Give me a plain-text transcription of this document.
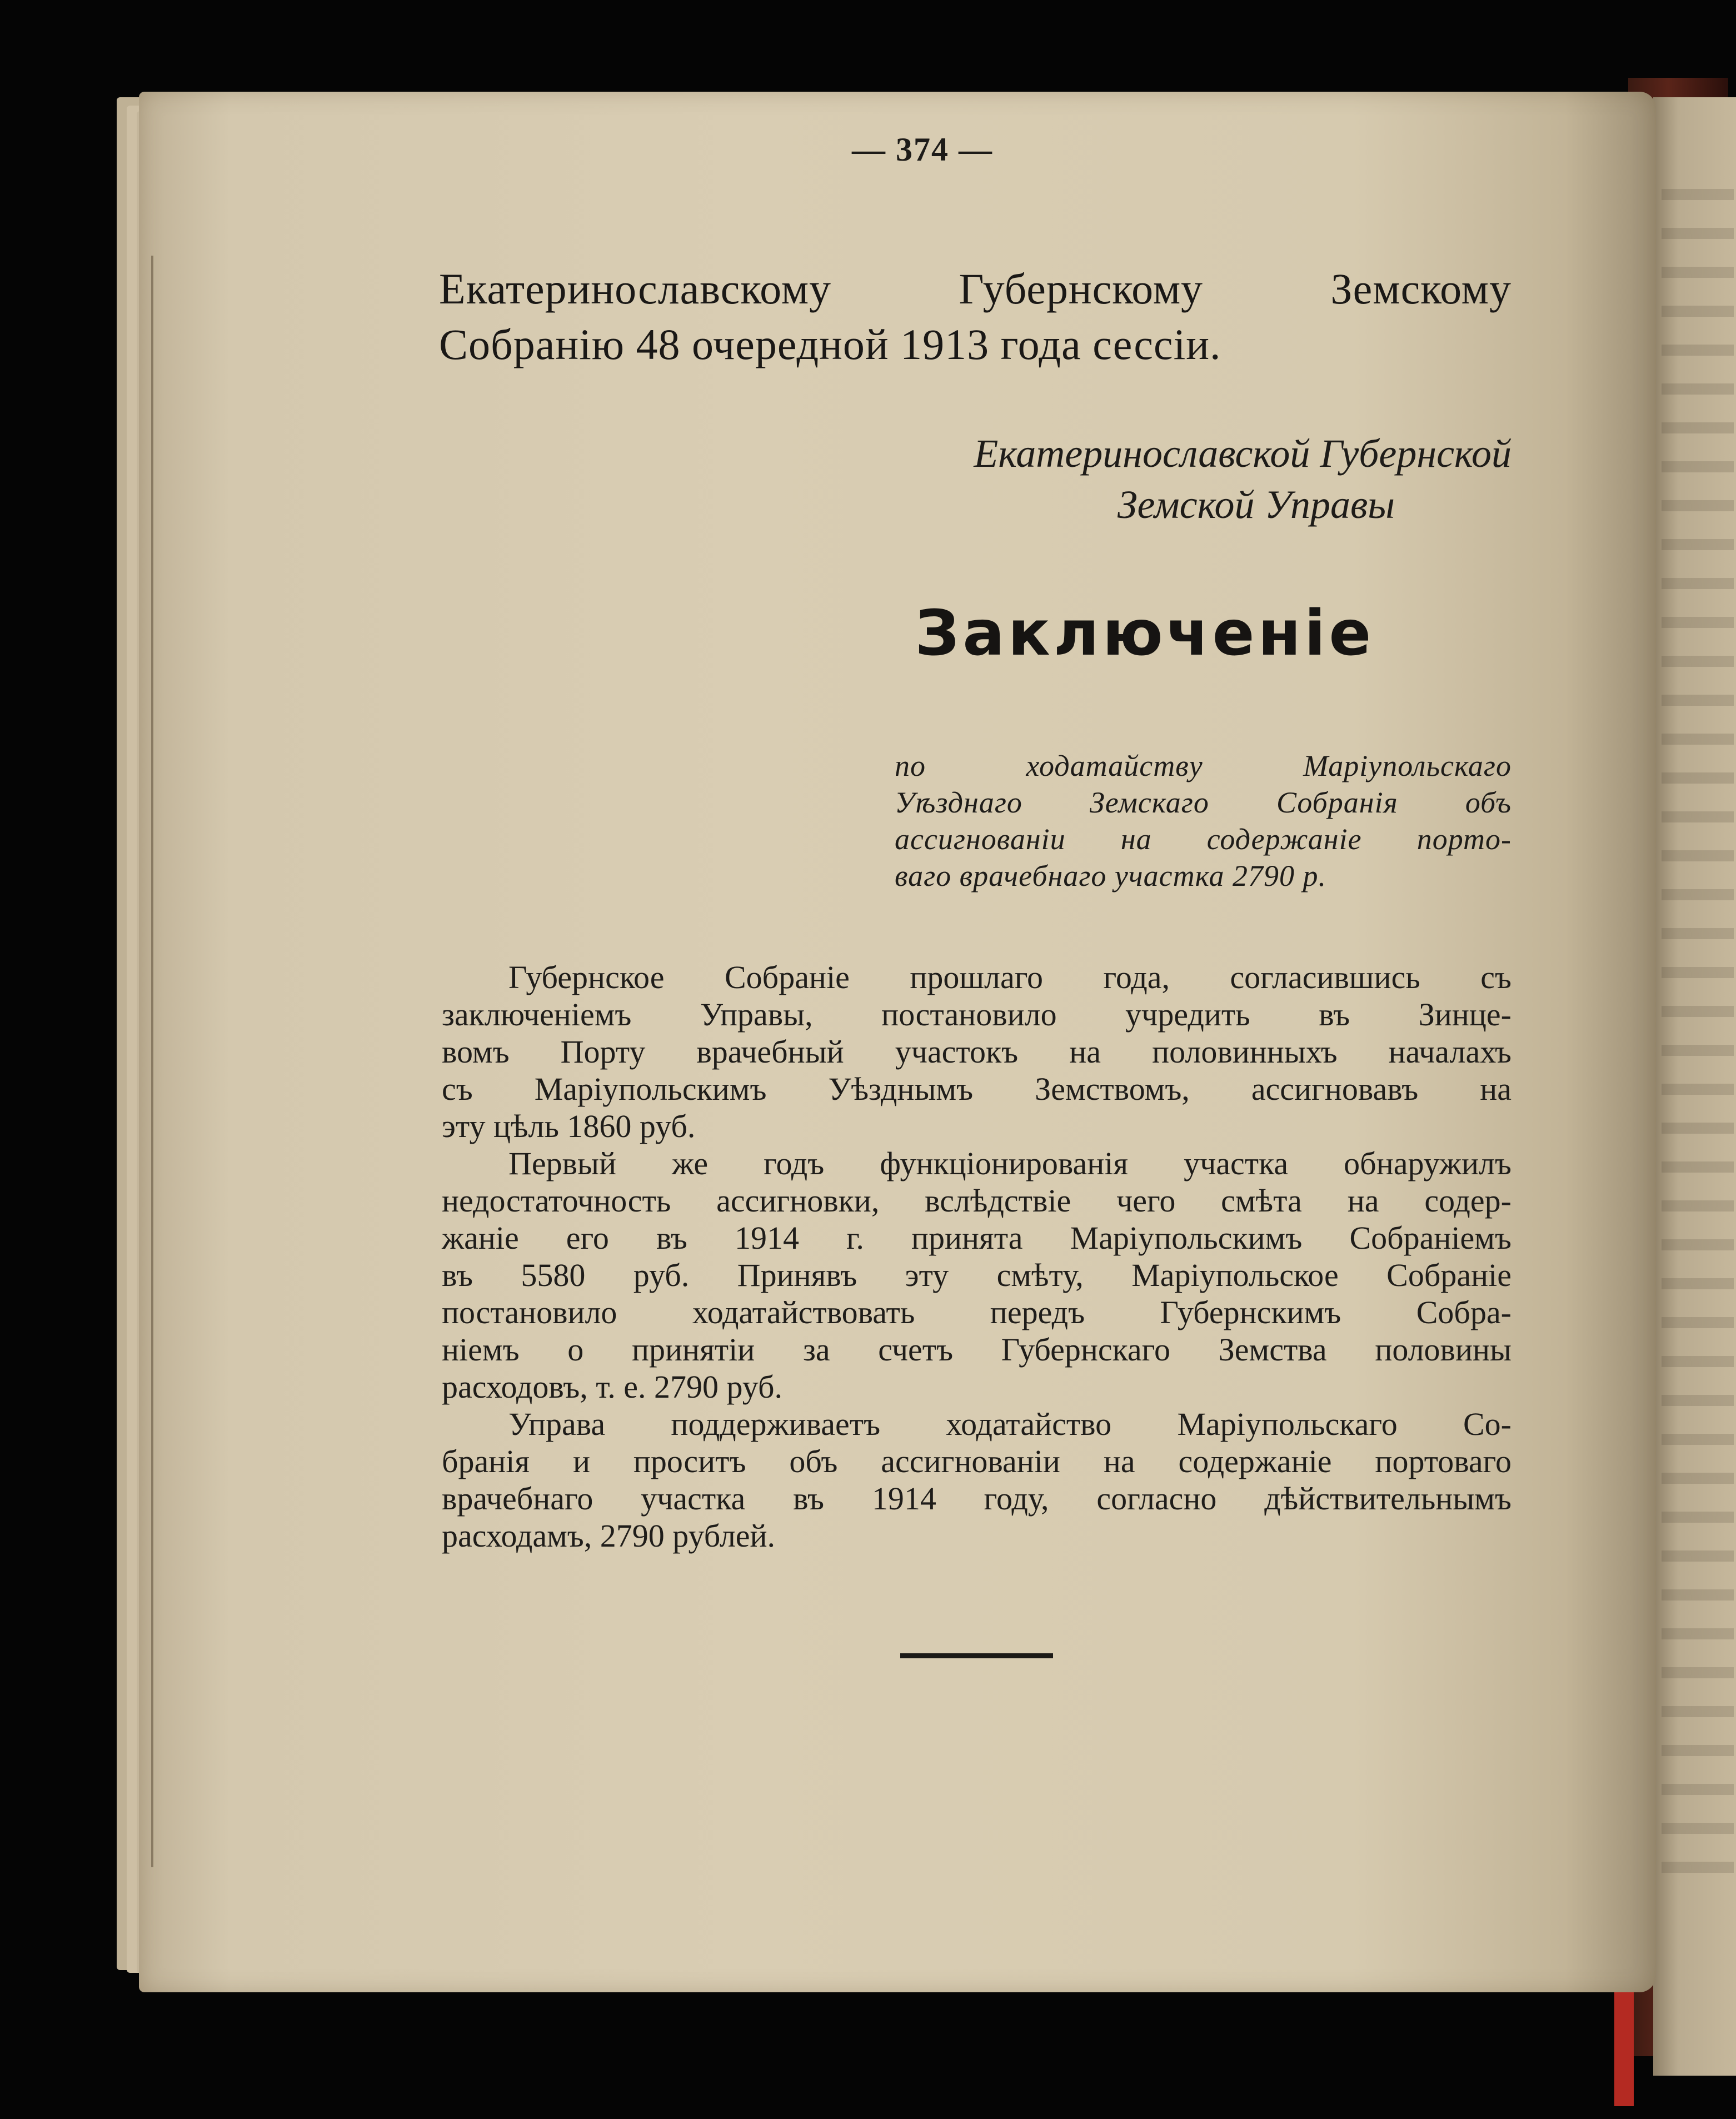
— 374 —
Екатеринославскому Губернскому Земскому
Собранію 48 очередной 1913 года сессіи.
Екатеринославской Губернской
Земской Управы
Заключеніе
по ходатайству Маріупольскаго
Уѣзднаго Земскаго Собранія объ
ассигнованіи на содержаніе порто-
ваго врачебнаго участка 2790 р.

Губернское Собраніе прошлаго года, согласившись съ
заключеніемъ Управы, постановило учредить въ Зинце-
вомъ Порту врачебный участокъ на половинныхъ началахъ
съ Маріупольскимъ Уѣзднымъ Земствомъ, ассигновавъ на
эту цѣль 1860 руб.

Первый же годъ функціонированія участка обнаружилъ
недостаточность ассигновки, вслѣдствіе чего смѣта на содер-
жаніе его въ 1914 г. принята Маріупольскимъ Собраніемъ
въ 5580 руб. Принявъ эту смѣту, Маріупольское Собраніе
постановило ходатайствовать передъ Губернскимъ Собра-
ніемъ о принятіи за счетъ Губернскаго Земства половины
расходовъ, т. е. 2790 руб.

Управа поддерживаетъ ходатайство Маріупольскаго Со-
бранія и проситъ объ ассигнованіи на содержаніе портоваго
врачебнаго участка въ 1914 году, согласно дѣйствительнымъ
расходамъ, 2790 рублей.
